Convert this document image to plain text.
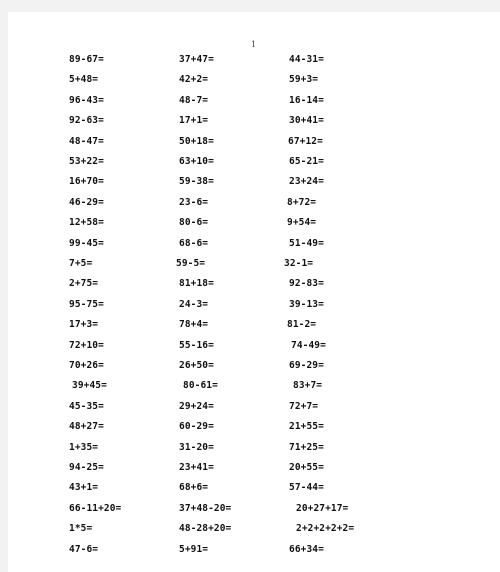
1
89-67=	37+47=	44-31=
5+48=	42+2=	59+3=
96-43=	48-7=	16-14=
92-63=	17+1=	30+41=
48-47=	50+18=	67+12=
53+22=	63+10=	65-21=
16+70=	59-38=	23+24=
46-29=	23-6=	8+72=
12+58=	80-6=	9+54=
99-45=	68-6=	51-49=
7+5=	59-5=	32-1=
2+75=	81+18=	92-83=
95-75=	24-3=	39-13=
17+3=	78+4=	81-2=
72+10=	55-16=	74-49=
70+26=	26+50=	69-29=
39+45=	80-61=	83+7=
45-35=	29+24=	72+7=
48+27=	60-29=	21+55=
1+35=	31-20=	71+25=
94-25=	23+41=	20+55=
43+1=	68+6=	57-44=
66-11+20=	37+48-20=	20+27+17=
1*5=	48-28+20=	2+2+2+2+2=
47-6=	5+91=	66+34=
